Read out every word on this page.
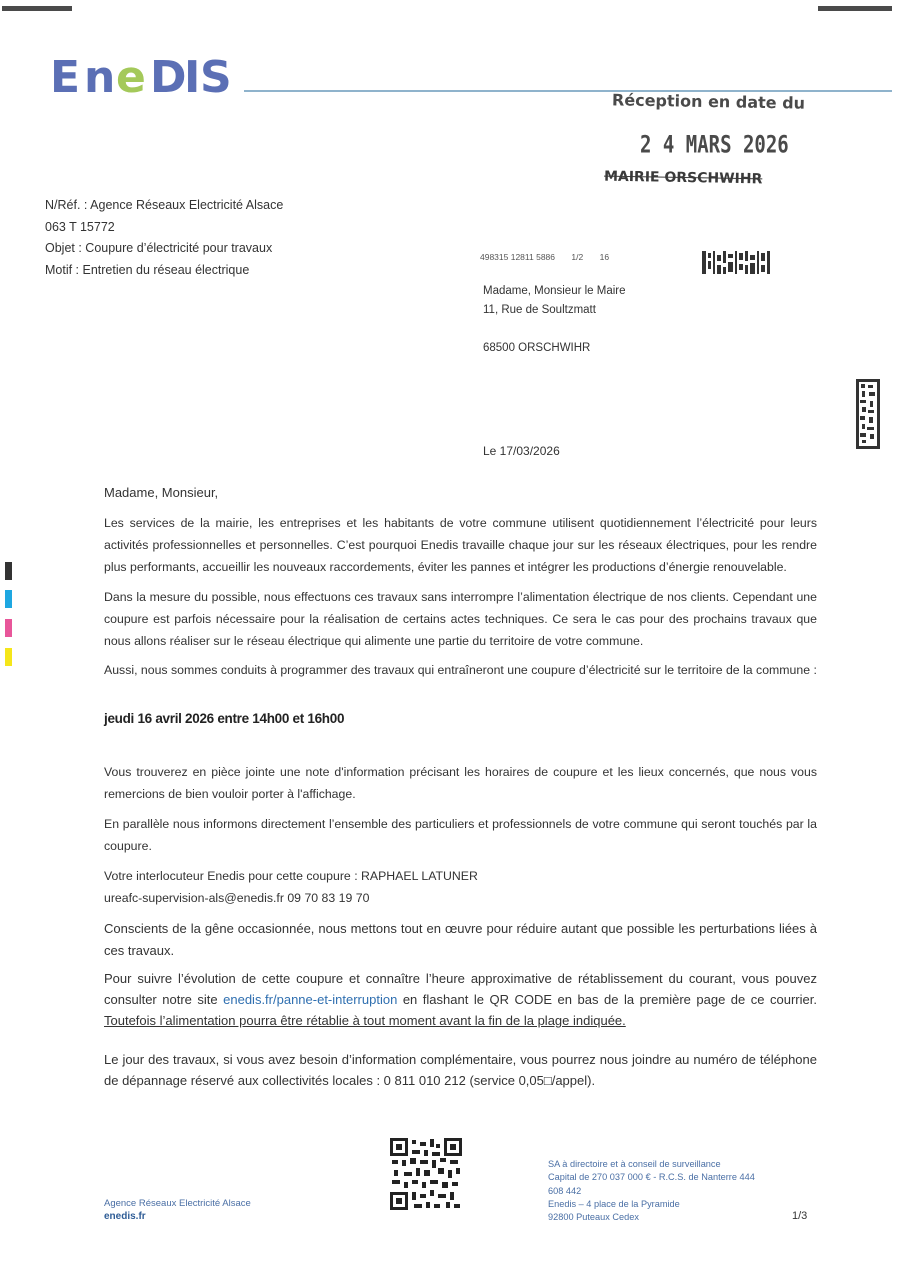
E n e D
I S	Réception en date du
2 4 MARS 2026
MAIRIE ORSCHWIHR
N/Réf. : Agence Réseaux Electricité Alsace
063 T 15772
Objet : Coupure d’électricité pour travaux
Motif : Entretien du réseau électrique
498315 12811 5886 1/2 16
Madame, Monsieur le Maire
11, Rue de Soultzmatt
68500 ORSCHWIHR
Le 17/03/2026
Madame, Monsieur,
Les services de la mairie, les entreprises et les habitants de votre commune utilisent quotidiennement l’électricité pour leurs activités professionnelles et personnelles. C’est pourquoi Enedis travaille chaque jour sur les réseaux électriques, pour les rendre plus performants, accueillir les nouveaux raccordements, éviter les pannes et intégrer les productions d’énergie renouvelable.
Dans la mesure du possible, nous effectuons ces travaux sans interrompre l’alimentation électrique de nos clients. Cependant une coupure est parfois nécessaire pour la réalisation de certains actes techniques. Ce sera le cas pour des prochains travaux que nous allons réaliser sur le réseau électrique qui alimente une partie du territoire de votre commune.
Aussi, nous sommes conduits à programmer des travaux qui entraîneront une coupure d’électricité sur le territoire de la commune :
jeudi 16 avril 2026 entre 14h00 et 16h00
Vous trouverez en pièce jointe une note d'information précisant les horaires de coupure et les lieux concernés, que nous vous remercions de bien vouloir porter à l'affichage.
En parallèle nous informons directement l’ensemble des particuliers et professionnels de votre commune qui seront touchés par la coupure.
Votre interlocuteur Enedis pour cette coupure : RAPHAEL LATUNER
ureafc-supervision-als@enedis.fr 09 70 83 19 70
Conscients de la gêne occasionnée, nous mettons tout en œuvre pour réduire autant que possible les perturbations liées à ces travaux.
Pour suivre l’évolution de cette coupure et connaître l’heure approximative de rétablissement du courant, vous pouvez consulter notre site enedis.fr/panne-et-interruption en flashant le QR CODE en bas de la première page de ce courrier. Toutefois l’alimentation pourra être rétablie à tout moment avant la fin de la plage indiquée.
Le jour des travaux, si vous avez besoin d’information complémentaire, vous pourrez nous joindre au numéro de téléphone de dépannage réservé aux collectivités locales : 0 811 010 212 (service 0,05□/appel).
Agence Réseaux Electricité Alsace
enedis.fr
SA à directoire et à conseil de surveillance
Capital de 270 037 000 € - R.C.S. de Nanterre 444
608 442
Enedis – 4 place de la Pyramide
92800 Puteaux Cedex	1/3
